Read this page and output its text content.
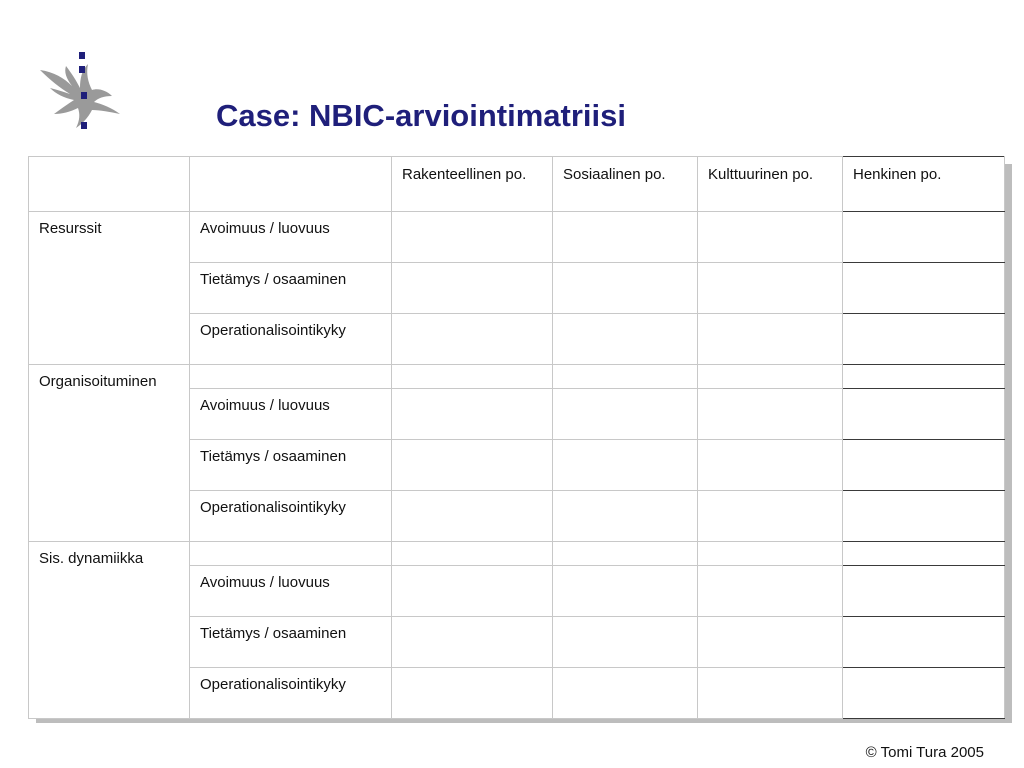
Case: NBIC-arviointimatriisi

		Rakenteellinen po.	Sosiaalinen po.	Kulttuurinen po.	Henkinen po.

Resurssit	Avoimuus / luovuus				

	Tietämys / osaaminen				

	Operationalisointikyky				

Organisoituminen					

	Avoimuus / luovuus				

	Tietämys / osaaminen				

	Operationalisointikyky				

Sis. dynamiikka					

	Avoimuus / luovuus				

	Tietämys / osaaminen				

	Operationalisointikyky				

© Tomi Tura 2005
